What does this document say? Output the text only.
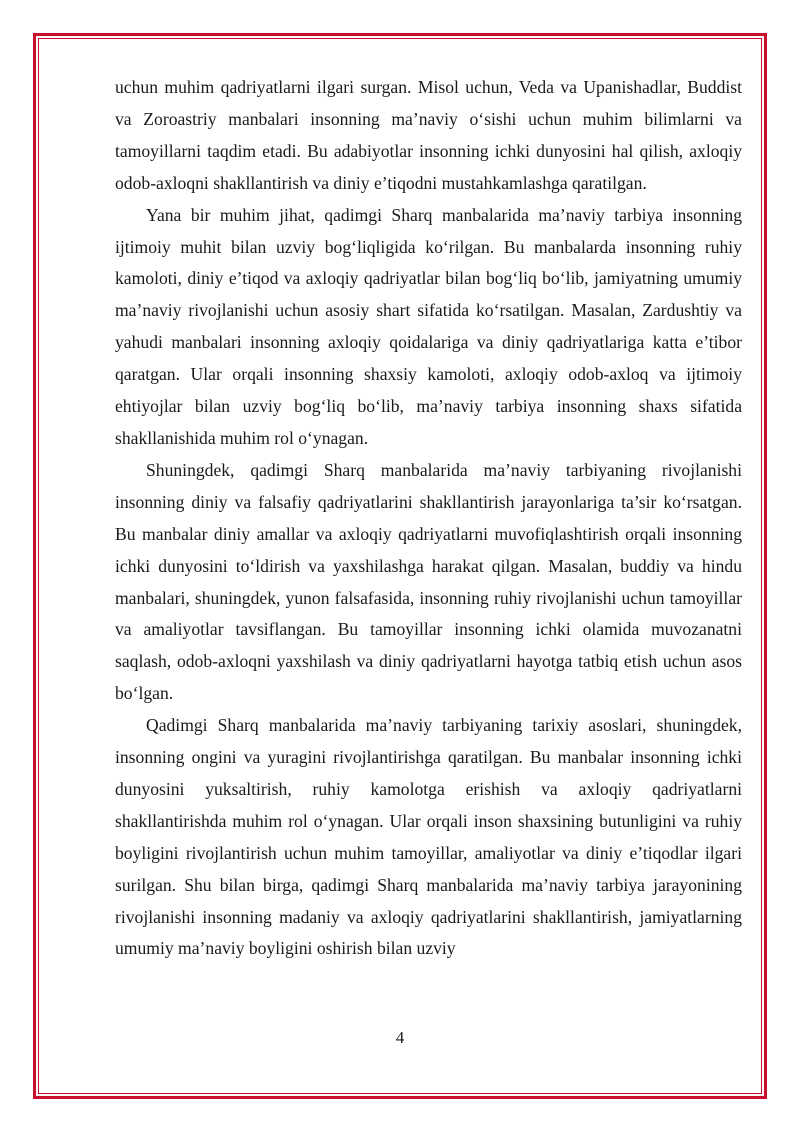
uchun muhim qadriyatlarni ilgari surgan. Misol uchun, Veda va Upanishadlar, Buddist va Zoroastriy manbalari insonning ma’naviy o‘sishi uchun muhim bilimlarni va tamoyillarni taqdim etadi. Bu adabiyotlar insonning ichki dunyosini hal qilish, axloqiy odob-axloqni shakllantirish va diniy e’tiqodni mustahkamlashga qaratilgan.

Yana bir muhim jihat, qadimgi Sharq manbalarida ma’naviy tarbiya insonning ijtimoiy muhit bilan uzviy bog‘liqligida ko‘rilgan. Bu manbalarda insonning ruhiy kamoloti, diniy e’tiqod va axloqiy qadriyatlar bilan bog‘liq bo‘lib, jamiyatning umumiy ma’naviy rivojlanishi uchun asosiy shart sifatida ko‘rsatilgan. Masalan, Zardushtiy va yahudi manbalari insonning axloqiy qoidalariga va diniy qadriyatlariga katta e’tibor qaratgan. Ular orqali insonning shaxsiy kamoloti, axloqiy odob-axloq va ijtimoiy ehtiyojlar bilan uzviy bog‘liq bo‘lib, ma’naviy tarbiya insonning shaxs sifatida shakllanishida muhim rol o‘ynagan.

Shuningdek, qadimgi Sharq manbalarida ma’naviy tarbiyaning rivojlanishi insonning diniy va falsafiy qadriyatlarini shakllantirish jarayonlariga ta’sir ko‘rsatgan. Bu manbalar diniy amallar va axloqiy qadriyatlarni muvofiqlashtirish orqali insonning ichki dunyosini to‘ldirish va yaxshilashga harakat qilgan. Masalan, buddiy va hindu manbalari, shuningdek, yunon falsafasida, insonning ruhiy rivojlanishi uchun tamoyillar va amaliyotlar tavsiflangan. Bu tamoyillar insonning ichki olamida muvozanatni saqlash, odob-axloqni yaxshilash va diniy qadriyatlarni hayotga tatbiq etish uchun asos bo‘lgan.

Qadimgi Sharq manbalarida ma’naviy tarbiyaning tarixiy asoslari, shuningdek, insonning ongini va yuragini rivojlantirishga qaratilgan. Bu manbalar insonning ichki dunyosini yuksaltirish, ruhiy kamolotga erishish va axloqiy qadriyatlarni shakllantirishda muhim rol o‘ynagan. Ular orqali inson shaxsining butunligini va ruhiy boyligini rivojlantirish uchun muhim tamoyillar, amaliyotlar va diniy e’tiqodlar ilgari surilgan. Shu bilan birga, qadimgi Sharq manbalarida ma’naviy tarbiya jarayonining rivojlanishi insonning madaniy va axloqiy qadriyatlarini shakllantirish, jamiyatlarning umumiy ma’naviy boyligini oshirish bilan uzviy

4
